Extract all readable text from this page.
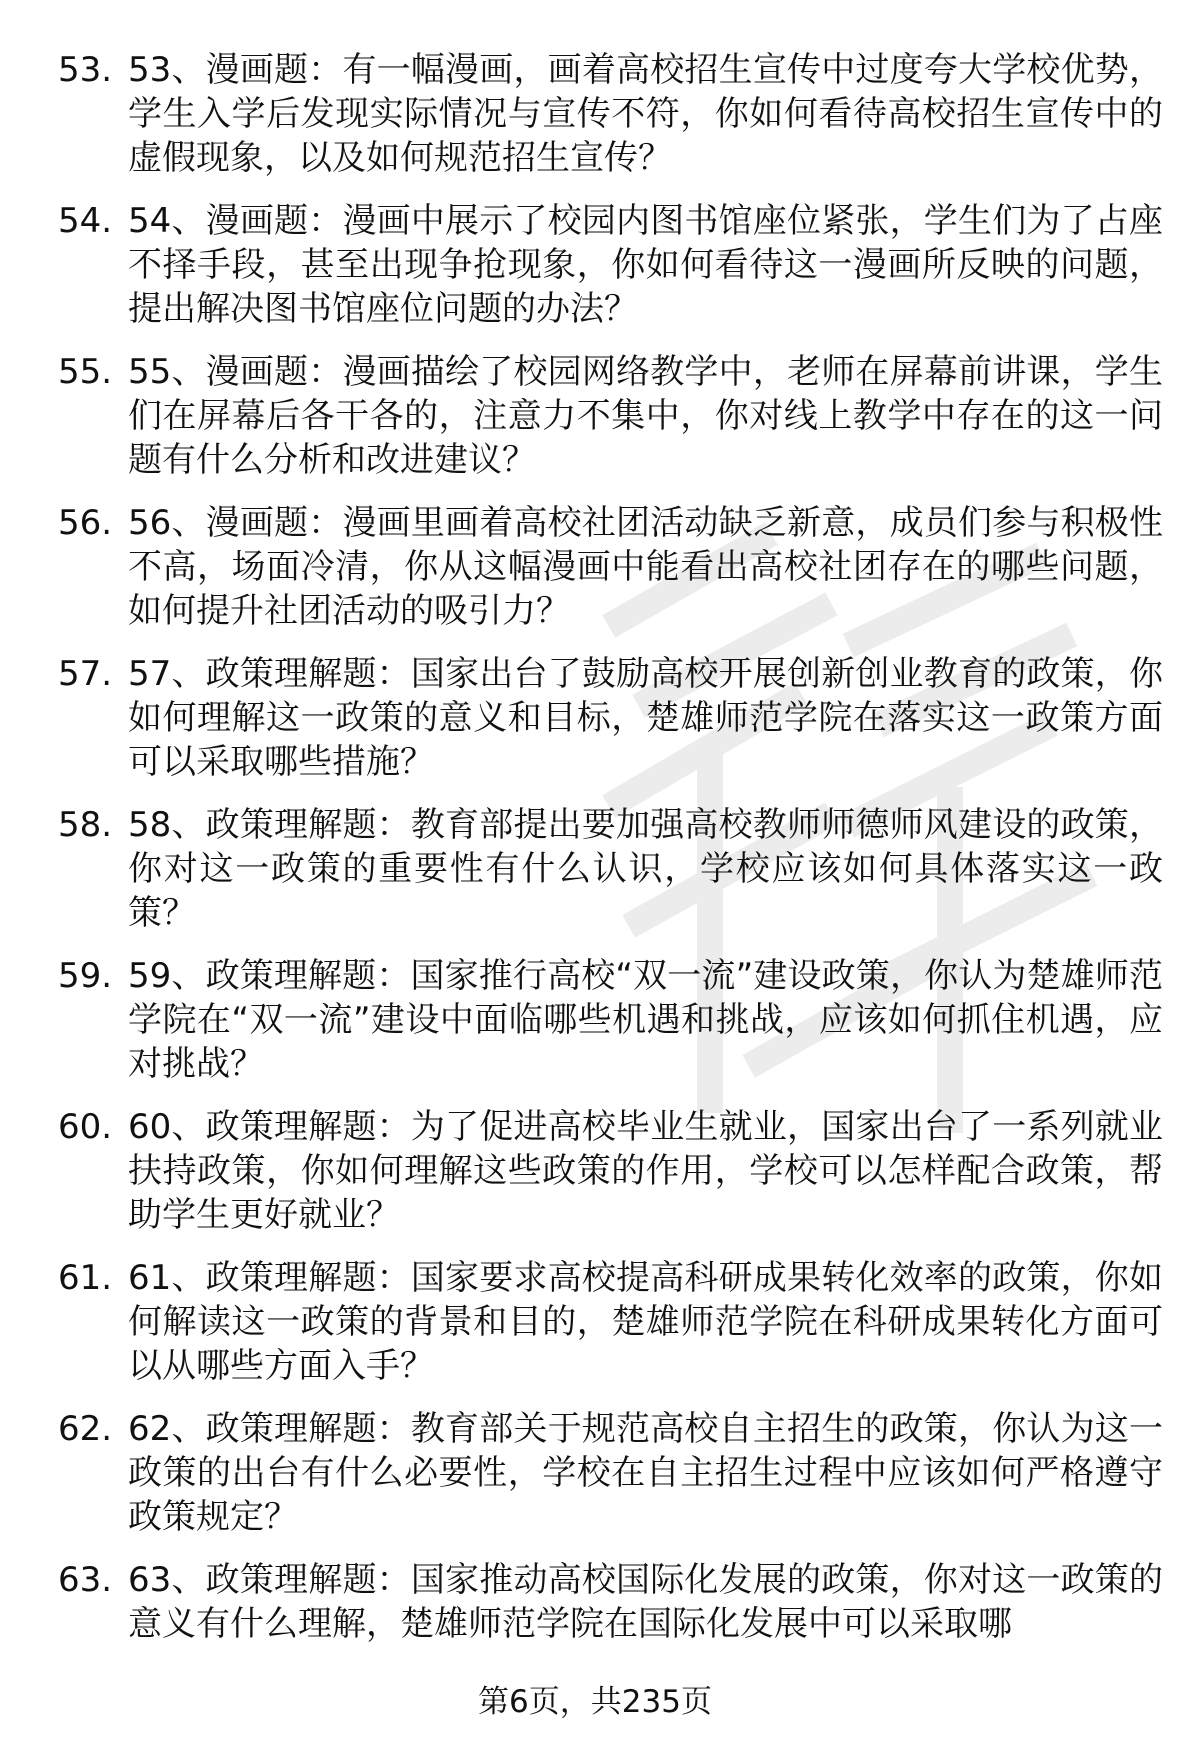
53. 53、漫画题：有一幅漫画，画着高校招生宣传中过度夸大学校优势，学生入学后发现实际情况与宣传不符，你如何看待高校招生宣传中的虚假现象，以及如何规范招生宣传？
54. 54、漫画题：漫画中展示了校园内图书馆座位紧张，学生们为了占座不择手段，甚至出现争抢现象，你如何看待这一漫画所反映的问题，提出解决图书馆座位问题的办法？
55. 55、漫画题：漫画描绘了校园网络教学中，老师在屏幕前讲课，学生们在屏幕后各干各的，注意力不集中，你对线上教学中存在的这一问题有什么分析和改进建议？
56. 56、漫画题：漫画里画着高校社团活动缺乏新意，成员们参与积极性不高，场面冷清，你从这幅漫画中能看出高校社团存在的哪些问题，如何提升社团活动的吸引力？
57. 57、政策理解题：国家出台了鼓励高校开展创新创业教育的政策，你如何理解这一政策的意义和目标，楚雄师范学院在落实这一政策方面可以采取哪些措施？
58. 58、政策理解题：教育部提出要加强高校教师师德师风建设的政策，你对这一政策的重要性有什么认识，学校应该如何具体落实这一政策？
59. 59、政策理解题：国家推行高校“双一流”建设政策，你认为楚雄师范学院在“双一流”建设中面临哪些机遇和挑战，应该如何抓住机遇，应对挑战？
60. 60、政策理解题：为了促进高校毕业生就业，国家出台了一系列就业扶持政策，你如何理解这些政策的作用，学校可以怎样配合政策，帮助学生更好就业？
61. 61、政策理解题：国家要求高校提高科研成果转化效率的政策，你如何解读这一政策的背景和目的，楚雄师范学院在科研成果转化方面可以从哪些方面入手？
62. 62、政策理解题：教育部关于规范高校自主招生的政策，你认为这一政策的出台有什么必要性，学校在自主招生过程中应该如何严格遵守政策规定？
63. 63、政策理解题：国家推动高校国际化发展的政策，你对这一政策的意义有什么理解，楚雄师范学院在国际化发展中可以采取哪
第6页，共235页
